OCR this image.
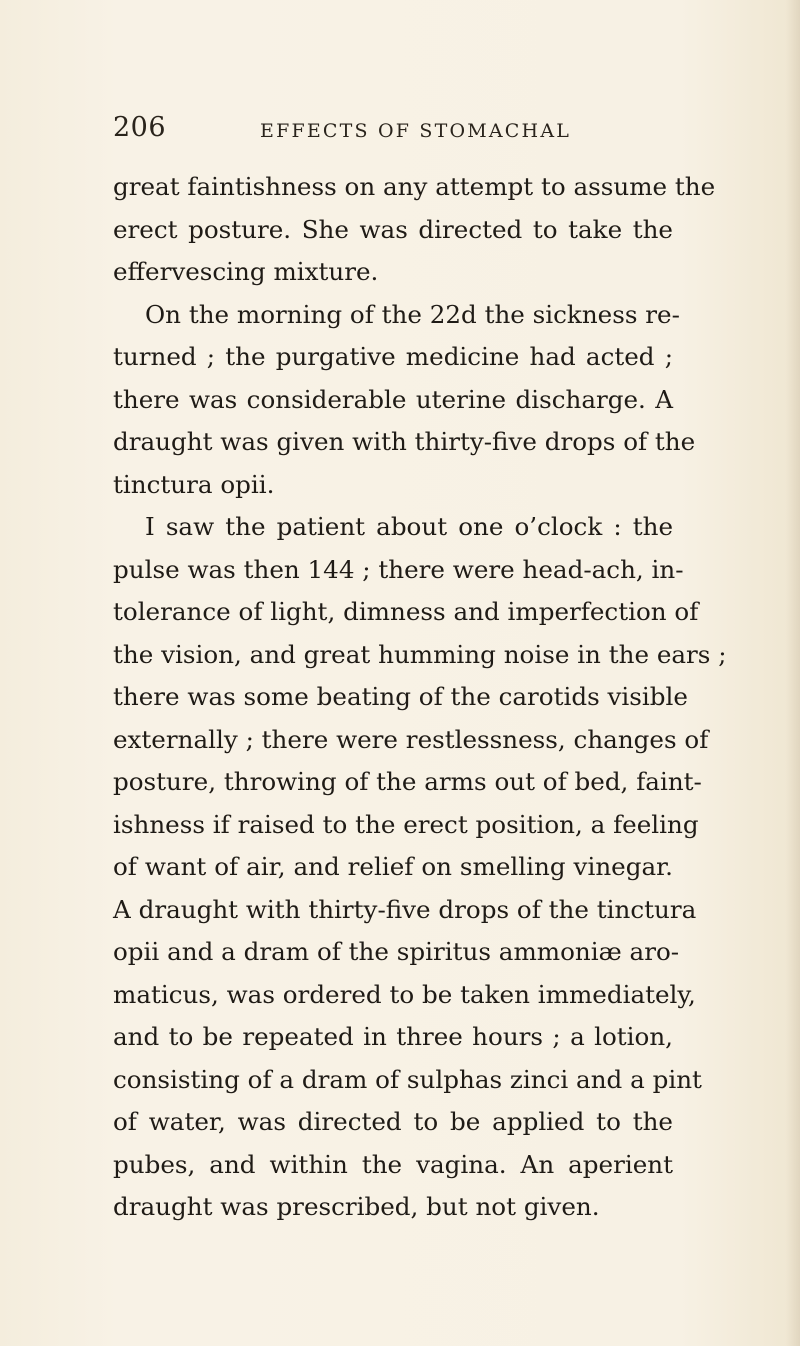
206	EFFECTS OF STOMACHAL
great faintishness on any attempt to assume the
erect posture. She was directed to take the
effervescing mixture.
On the morning of the 22d the sickness re-
turned ; the purgative medicine had acted ;
there was considerable uterine discharge. A
draught was given with thirty-five drops of the
tinctura opii.
I saw the patient about one o’clock : the
pulse was then 144 ; there were head-ach, in-
tolerance of light, dimness and imperfection of
the vision, and great humming noise in the ears ;
there was some beating of the carotids visible
externally ; there were restlessness, changes of
posture, throwing of the arms out of bed, faint-
ishness if raised to the erect position, a feeling
of want of air, and relief on smelling vinegar.
A draught with thirty-five drops of the tinctura
opii and a dram of the spiritus ammoniæ aro-
maticus, was ordered to be taken immediately,
and to be repeated in three hours ; a lotion,
consisting of a dram of sulphas zinci and a pint
of water, was directed to be applied to the
pubes, and within the vagina. An aperient
draught was prescribed, but not given.
